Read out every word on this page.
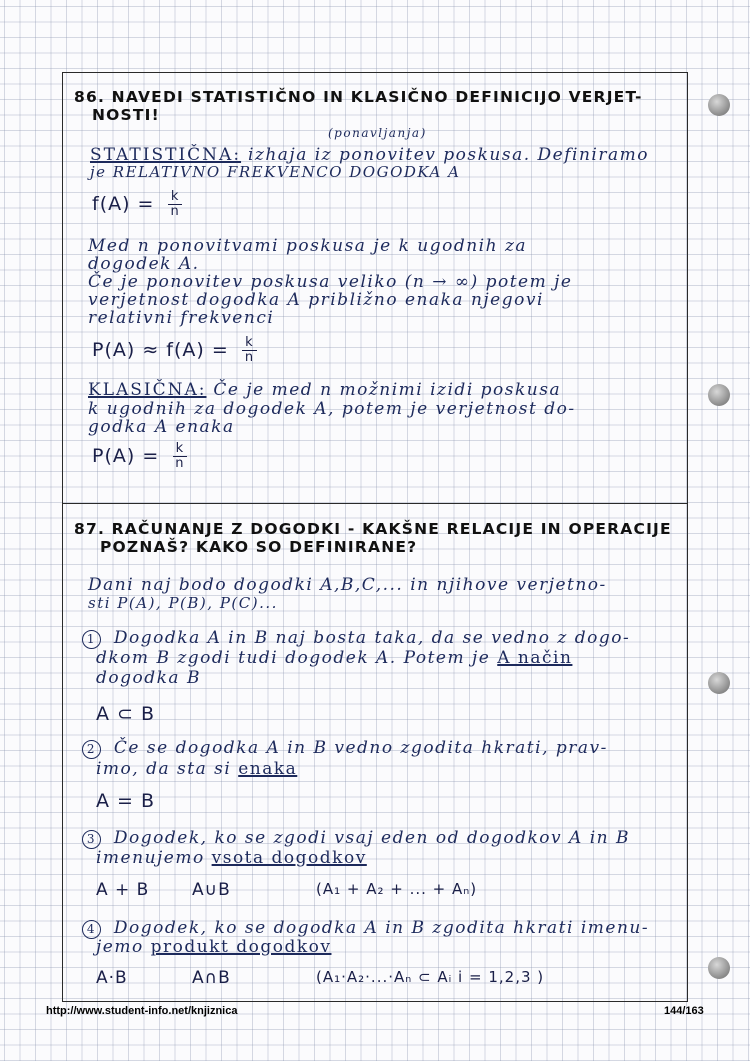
86. NAVEDI STATISTIČNO IN KLASIČNO DEFINICIJO VERJET-
NOSTI!
(ponavljanja)
STATISTIČNA: izhaja iz ponovitev poskusa. Definiramo
je RELATIVNO FREKVENCO DOGODKA A
$f(A) = \frac{k}{n}$
Med n ponovitvami poskusa je k ugodnih za
dogodek A.
Če je ponovitev poskusa veliko (n → ∞) potem je
verjetnost dogodka A približno enaka njegovi
relativni frekvenci
$P(A) \approx f(A) = \frac{k}{n}$
KLASIČNA: Če je med n možnimi izidi poskusa
k ugodnih za dogodek A, potem je verjetnost do-
godka A enaka
$P(A) = \frac{k}{n}$
87. RAČUNANJE Z DOGODKI - KAKŠNE RELACIJE IN OPERACIJE
POZNAŠ? KAKO SO DEFINIRANE?
Dani naj bodo dogodki A,B,C,... in njihove verjetno-
sti P(A), P(B), P(C)...
1 Dogodka A in B naj bosta taka, da se vedno z dogo-
dkom B zgodi tudi dogodek A. Potem je A način
dogodka B
A ⊂ B
2 Če se dogodka A in B vedno zgodita hkrati, prav-
imo, da sta si enaka
A = B
3 Dogodek, ko se zgodi vsaj eden od dogodkov A in B
imenujemo vsota dogodkov
A + B	A∪B	(A₁ + A₂ + ... + Aₙ)
4 Dogodek, ko se dogodka A in B zgodita hkrati imenu-
jemo produkt dogodkov
A·B	A∩B	(A₁·A₂·...·Aₙ ⊂ Aᵢ i = 1,2,3 )
http://www.student-info.net/knjiznica	144/163
